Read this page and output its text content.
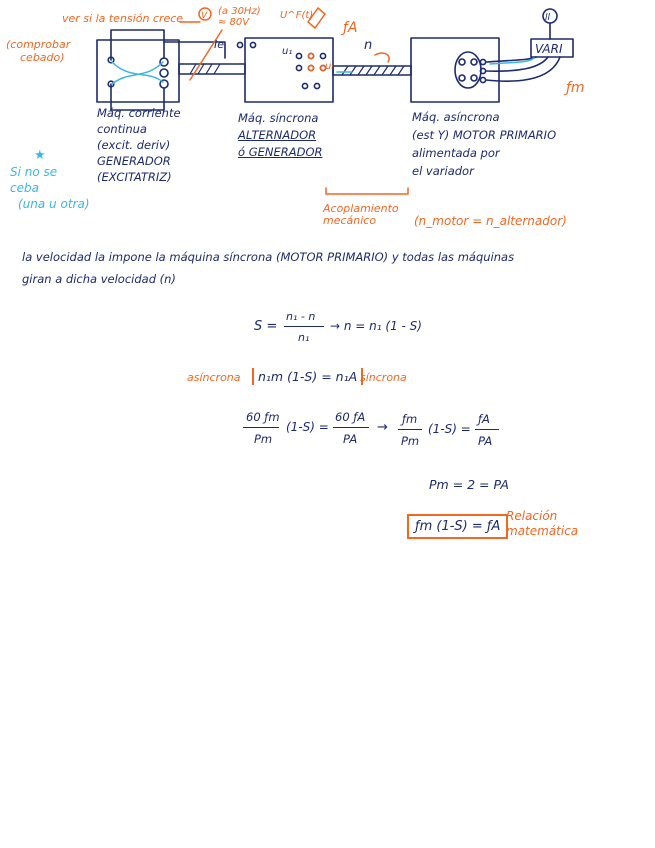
V	ll
VARI
ver si la tensión crece
(a 30Hz)
≈ 80V
(comprobar
cebado)
Ie
U^F(t)
ƒA
u₁
uₗ
n
ƒm
Máq. corriente
continua
(excit. deriv)
GENERADOR
(EXCITATRIZ)
Máq. síncrona
ALTERNADOR
ó GENERADOR
Máq. asíncrona
(est Y) MOTOR PRIMARIO
alimentada por
el variador
★
Si no se
ceba
(una u otra)	Acoplamiento
mecánico	(n_motor = n_alternador)
la velocidad la impone la máquina síncrona (MOTOR PRIMARIO) y todas las máquinas
giran a dicha velocidad (n)
S =
n₁ - n
n₁
→ n = n₁ (1 - S)
asíncrona	n₁m (1-S) = n₁A síncrona
60 ƒm
Pm
(1-S) =
60 ƒA
PA
→
ƒm
Pm
(1-S) =
ƒA
PA
Pm = 2 = PA
ƒm (1-S) = ƒA
Relación
matemática
